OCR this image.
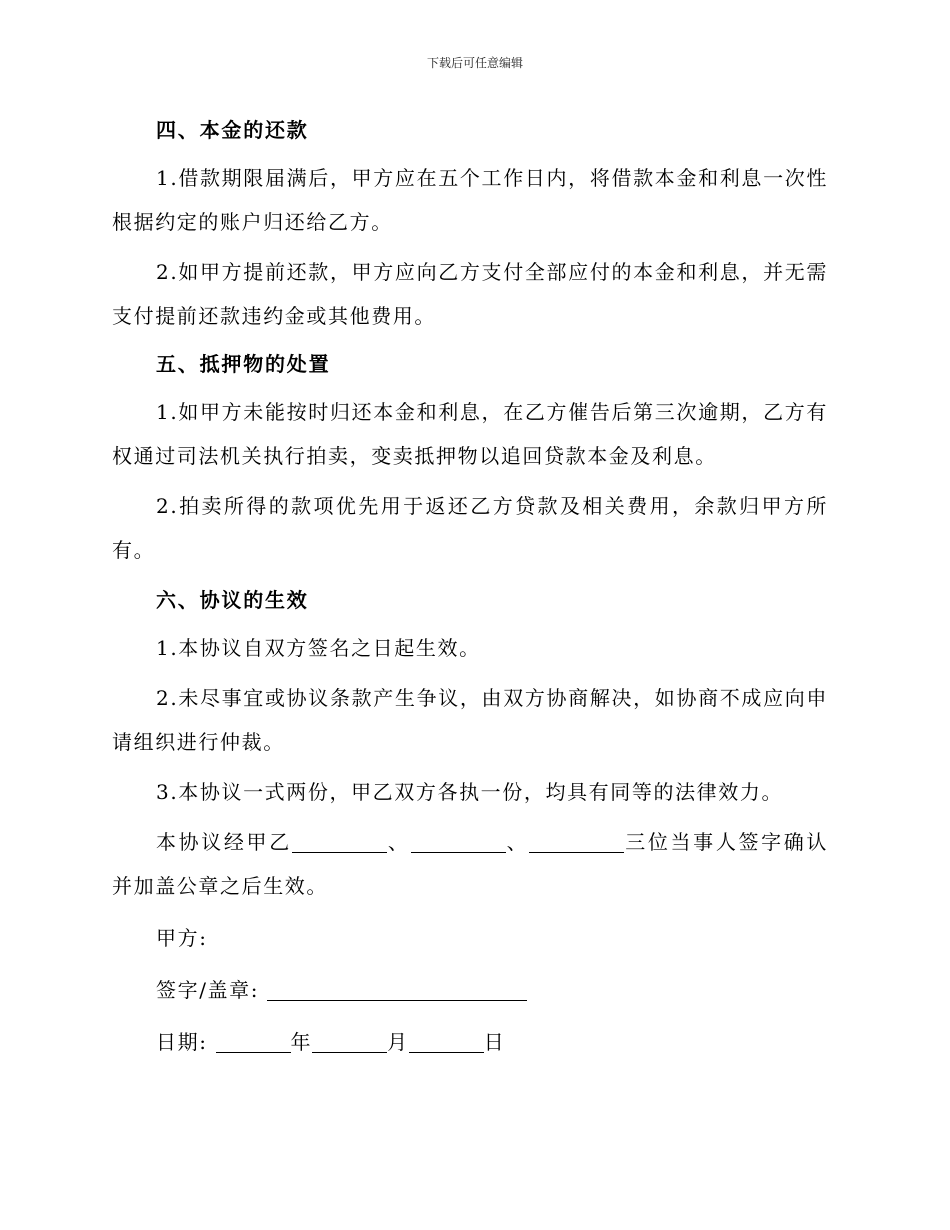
下载后可任意编辑

四、本金的还款

1.借款期限届满后，甲方应在五个工作日内，将借款本金和利息一次性根据约定的账户归还给乙方。

2.如甲方提前还款，甲方应向乙方支付全部应付的本金和利息，并无需支付提前还款违约金或其他费用。

五、抵押物的处置

1.如甲方未能按时归还本金和利息，在乙方催告后第三次逾期，乙方有权通过司法机关执行拍卖，变卖抵押物以追回贷款本金及利息。

2.拍卖所得的款项优先用于返还乙方贷款及相关费用，余款归甲方所有。

六、协议的生效

1.本协议自双方签名之日起生效。

2.未尽事宜或协议条款产生争议，由双方协商解决，如协商不成应向申请组织进行仲裁。

3.本协议一式两份，甲乙双方各执一份，均具有同等的法律效力。

本协议经甲乙	、	、	三位当事人签字确认并加盖公章之后生效。

甲方:

签字/盖章:

日期:	年	月	日
